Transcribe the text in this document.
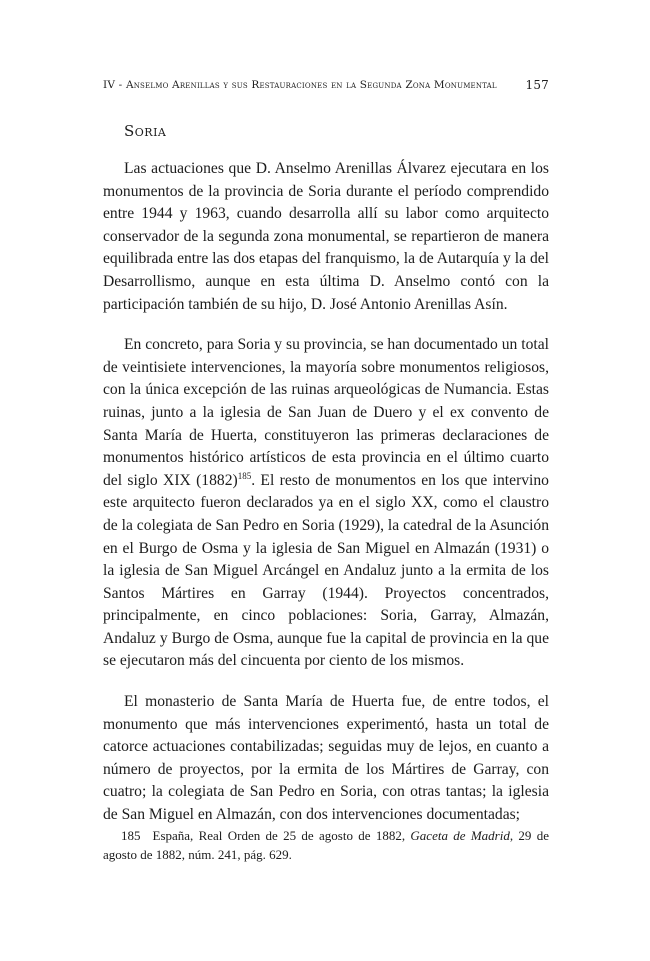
IV - Anselmo Arenillas y sus Restauraciones en la Segunda Zona Monumental	157
Soria

Las actuaciones que D. Anselmo Arenillas Álvarez ejecutara en los monumentos de la provincia de Soria durante el período comprendido entre 1944 y 1963, cuando desarrolla allí su labor como arquitecto conservador de la segunda zona monumental, se repartieron de manera equilibrada entre las dos etapas del franquismo, la de Autarquía y la del Desarrollismo, aunque en esta última D. Anselmo contó con la participación también de su hijo, D. José Antonio Arenillas Asín.

En concreto, para Soria y su provincia, se han documentado un total de veintisiete intervenciones, la mayoría sobre monumentos religiosos, con la única excepción de las ruinas arqueológicas de Numancia. Estas ruinas, junto a la iglesia de San Juan de Duero y el ex convento de Santa María de Huerta, constituyeron las primeras declaraciones de monumentos histórico artísticos de esta provincia en el último cuarto del siglo XIX $(1882)^{185}$. El resto de monumentos en los que intervino este arquitecto fueron declarados ya en el siglo XX, como el claustro de la colegiata de San Pedro en Soria (1929), la catedral de la Asunción en el Burgo de Osma y la iglesia de San Miguel en Almazán (1931) o la iglesia de San Miguel Arcángel en Andaluz junto a la ermita de los Santos Mártires en Garray (1944). Proyectos concentrados, principalmente, en cinco poblaciones: Soria, Garray, Almazán, Andaluz y Burgo de Osma, aunque fue la capital de provincia en la que se ejecutaron más del cincuenta por ciento de los mismos.

El monasterio de Santa María de Huerta fue, de entre todos, el monumento que más intervenciones experimentó, hasta un total de catorce actuaciones contabilizadas; seguidas muy de lejos, en cuanto a número de proyectos, por la ermita de los Mártires de Garray, con cuatro; la colegiata de San Pedro en Soria, con otras tantas; la iglesia de San Miguel en Almazán, con dos intervenciones documentadas;

185 España, Real Orden de 25 de agosto de 1882, Gaceta de Madrid, 29 de agosto de 1882, núm. 241, pág. 629.
